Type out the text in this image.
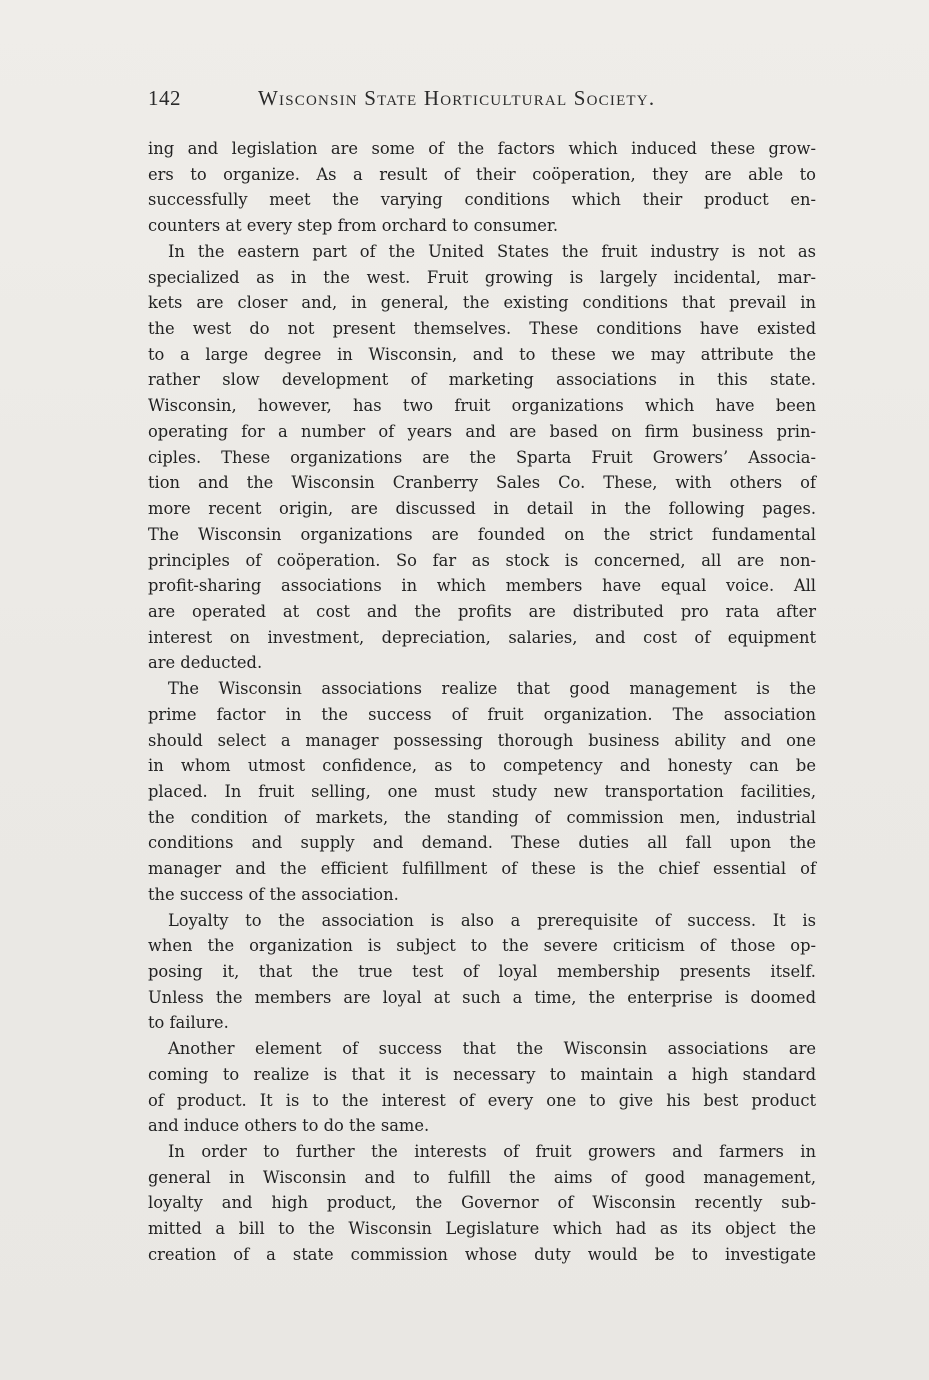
142	Wisconsin State Horticultural Society.
ing and legislation are some of the factors which induced these grow-
ers to organize. As a result of their coöperation, they are able to
successfully meet the varying conditions which their product en-
counters at every step from orchard to consumer.
In the eastern part of the United States the fruit industry is not as
specialized as in the west. Fruit growing is largely incidental, mar-
kets are closer and, in general, the existing conditions that prevail in
the west do not present themselves. These conditions have existed
to a large degree in Wisconsin, and to these we may attribute the
rather slow development of marketing associations in this state.
Wisconsin, however, has two fruit organizations which have been
operating for a number of years and are based on firm business prin-
ciples. These organizations are the Sparta Fruit Growers’ Associa-
tion and the Wisconsin Cranberry Sales Co. These, with others of
more recent origin, are discussed in detail in the following pages.
The Wisconsin organizations are founded on the strict fundamental
principles of coöperation. So far as stock is concerned, all are non-
profit-sharing associations in which members have equal voice. All
are operated at cost and the profits are distributed pro rata after
interest on investment, depreciation, salaries, and cost of equipment
are deducted.
The Wisconsin associations realize that good management is the
prime factor in the success of fruit organization. The association
should select a manager possessing thorough business ability and one
in whom utmost confidence, as to competency and honesty can be
placed. In fruit selling, one must study new transportation facilities,
the condition of markets, the standing of commission men, industrial
conditions and supply and demand. These duties all fall upon the
manager and the efficient fulfillment of these is the chief essential of
the success of the association.
Loyalty to the association is also a prerequisite of success. It is
when the organization is subject to the severe criticism of those op-
posing it, that the true test of loyal membership presents itself.
Unless the members are loyal at such a time, the enterprise is doomed
to failure.
Another element of success that the Wisconsin associations are
coming to realize is that it is necessary to maintain a high standard
of product. It is to the interest of every one to give his best product
and induce others to do the same.
In order to further the interests of fruit growers and farmers in
general in Wisconsin and to fulfill the aims of good management,
loyalty and high product, the Governor of Wisconsin recently sub-
mitted a bill to the Wisconsin Legislature which had as its object the
creation of a state commission whose duty would be to investigate
